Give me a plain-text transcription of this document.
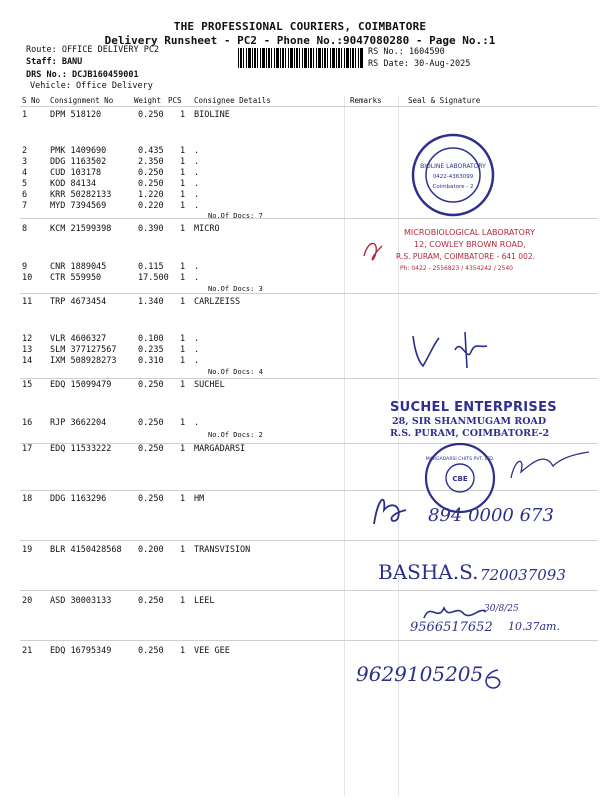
THE PROFESSIONAL COURIERS, COIMBATORE
Delivery Runsheet - PC2 - Phone No.:9047080280 - Page No.:1
Route: OFFICE DELIVERY PC2
Staff: BANU
DRS No.: DCJB160459001
Vehicle: Office Delivery
RS No.: 1604590
RS Date: 30-Aug-2025
S No Consignment No	Weight PCS Consignee Details	Remarks	Seal & Signature
1	DPM 518120	0.250 1 BIOLINE
2	PMK 1409690	0.435 1 .
3	DDG 1163502	2.350 1 .
4	CUD 103178	0.250 1 .
5	KOD 84134	0.250 1 .
6	KRR 50282133	1.220 1 .
7	MYD 7394569	0.220 1 .
No.Of Docs: 7
8	KCM 21599398	0.390 1 MICRO
9	CNR 1889045	0.115 1 .
10 CTR 559950	17.500 1 .
No.Of Docs: 3
11 TRP 4673454	1.340 1 CARLZEISS
12 VLR 4606327	0.100 1 .
13 SLM 377127567	0.235 1 .
14 IXM 508928273	0.310 1 .
No.Of Docs: 4
15 EDQ 15099479	0.250 1 SUCHEL
16 RJP 3662204	0.250 1 .
No.Of Docs: 2
17 EDQ 11533222	0.250 1 MARGADARSI
18 DDG 1163296	0.250 1 HM
19 BLR 4150428568 0.200 1 TRANSVISION
20 ASD 30003133	0.250 1 LEEL
21 EDQ 16795349	0.250 1 VEE GEE
BIOLINE LABORATORY
0422-4363099
Coimbatore - 2
MICROBIOLOGICAL LABORATORY
12, COWLEY BROWN ROAD,
R.S. PURAM, COIMBATORE - 641 002.
Ph: 0422 - 2556823 / 4354242 / 2540
SUCHEL ENTERPRISES
28, SIR SHANMUGAM ROAD
R.S. PURAM, COIMBATORE-2
CBE
MARGADARSI CHITS PVT. LTD.
894 0000 673
BASHA.S. 720037093
30/8/25
9566517652 10.37am.
9629105205
